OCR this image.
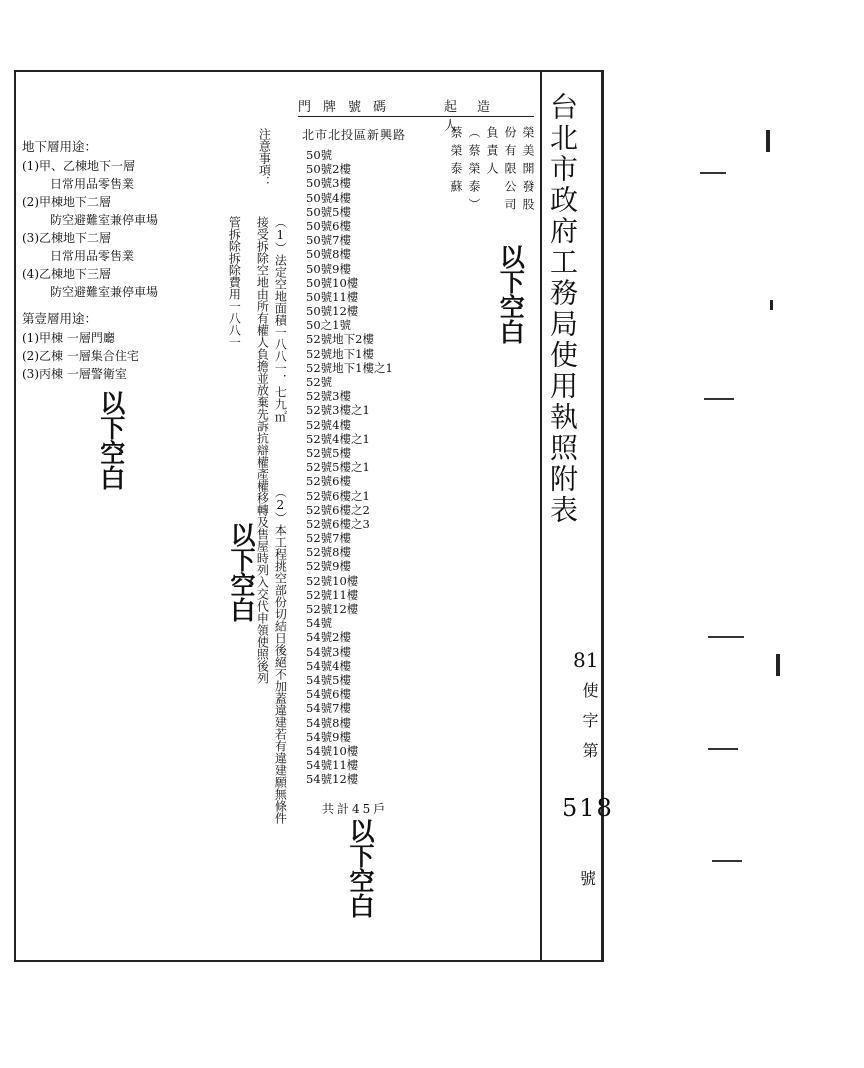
台北市政府工務局使用執照附表
81
使字第
518
號
門牌號碼	起造人
北市北投區新興路
50號
50號2樓
50號3樓
50號4樓
50號5樓
50號6樓
50號7樓
50號8樓
50號9樓
50號10樓
50號11樓
50號12樓
50之1號
52號地下2樓
52號地下1樓
52號地下1樓之1
52號
52號3樓
52號3樓之1
52號4樓
52號4樓之1
52號5樓
52號5樓之1
52號6樓
52號6樓之1
52號6樓之2
52號6樓之3
52號7樓
52號8樓
52號9樓
52號10樓
52號11樓
52號12樓
54號
54號2樓
54號3樓
54號4樓
54號5樓
54號6樓
54號7樓
54號8樓
54號9樓
54號10樓
54號11樓
54號12樓
共計45戶
榮美開發股
份有限公司
負責人
（蔡榮泰）
蔡榮泰蘇
以下空白
以下空白
以下空白
以下空白
注意事項：
（1）法定空地面積一八八一．七九㎡
（2）本工程挑空部份切結日後絕不加蓋違建若有違建願無條件
接受拆除空地由所有權人負擔並放棄先訴抗辯權產權移轉及售屋時列入交代申領使照後列
管拆除拆除費用一八八一
地下層用途：
(1)甲、乙棟地下一層
日常用品零售業
(2)甲棟地下二層
防空避難室兼停車場
(3)乙棟地下二層
日常用品零售業
(4)乙棟地下三層
防空避難室兼停車場
第壹層用途：
(1)甲棟 一層門廳
(2)乙棟 一層集合住宅
(3)丙棟 一層警衛室
